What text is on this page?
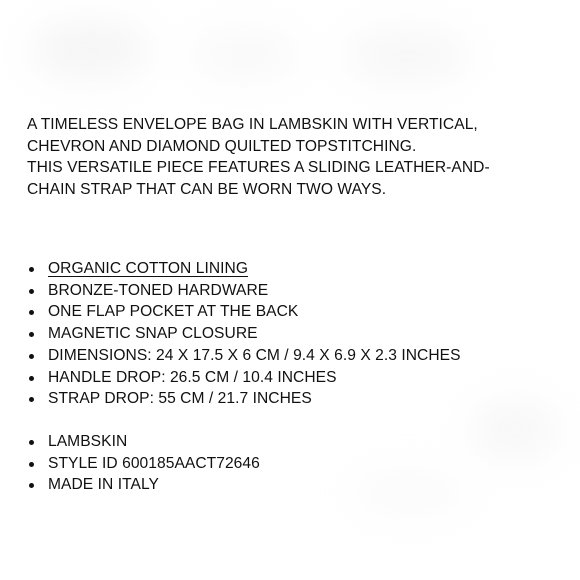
A TIMELESS ENVELOPE BAG IN LAMBSKIN WITH VERTICAL,
CHEVRON AND DIAMOND QUILTED TOPSTITCHING.
THIS VERSATILE PIECE FEATURES A SLIDING LEATHER-AND-
CHAIN STRAP THAT CAN BE WORN TWO WAYS.

ORGANIC COTTON LINING
BRONZE-TONED HARDWARE
ONE FLAP POCKET AT THE BACK
MAGNETIC SNAP CLOSURE
DIMENSIONS: 24 X 17.5 X 6 CM / 9.4 X 6.9 X 2.3 INCHES
HANDLE DROP: 26.5 CM / 10.4 INCHES
STRAP DROP: 55 CM / 21.7 INCHES
LAMBSKIN
STYLE ID 600185AACT72646
MADE IN ITALY
